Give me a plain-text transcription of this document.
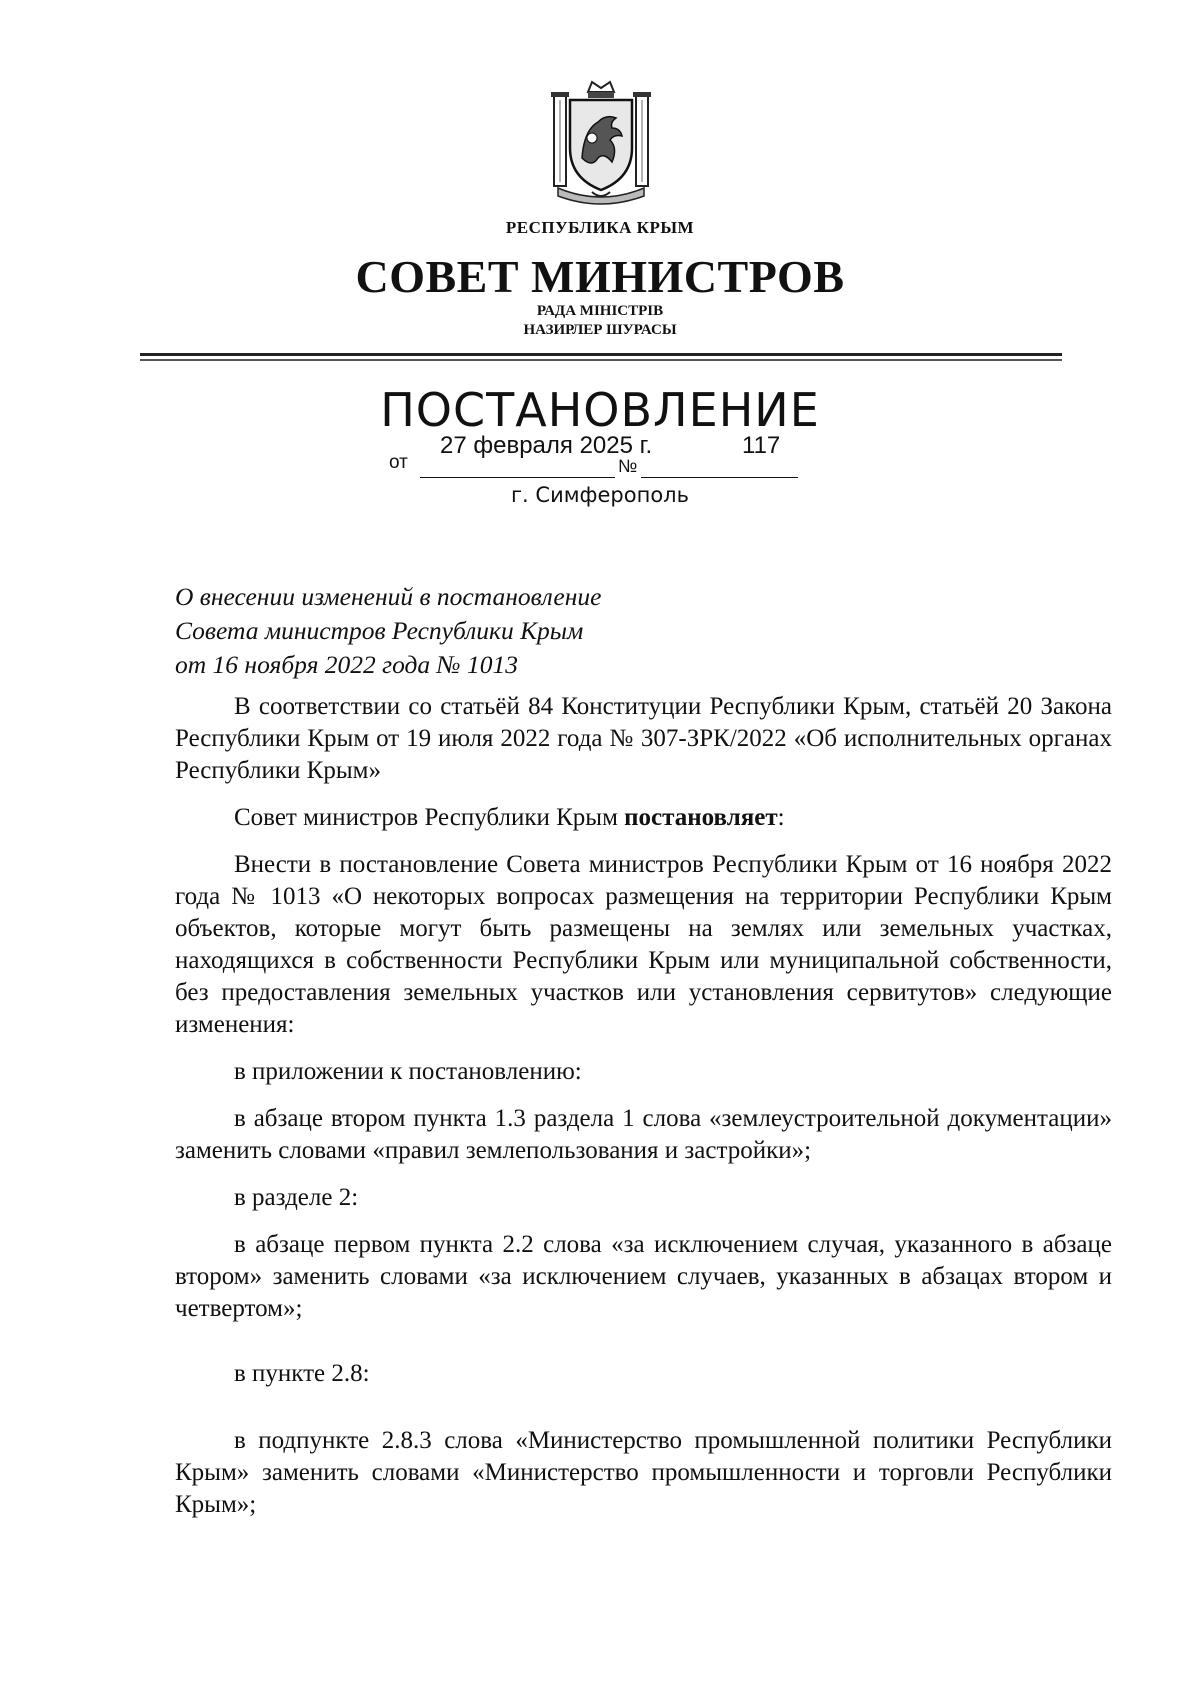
РЕСПУБЛИКА КРЫМ
СОВЕТ МИНИСТРОВ
РАДА МІНІСТРІВ
НАЗИРЛЕР ШУРАСЫ
ПОСТАНОВЛЕНИЕ
от
27 февраля 2025 г.
№
117
г. Симферополь
О внесении изменений в постановление
Совета министров Республики Крым
от 16 ноября 2022 года № 1013

В соответствии со статьёй 84 Конституции Республики Крым, статьёй 20 Закона Республики Крым от 19 июля 2022 года № 307-ЗРК/2022 «Об исполнительных органах Республики Крым»

Совет министров Республики Крым постановляет:

Внести в постановление Совета министров Республики Крым от 16 ноября 2022 года № 1013 «О некоторых вопросах размещения на территории Республики Крым объектов, которые могут быть размещены на землях или земельных участках, находящихся в собственности Республики Крым или муниципальной собственности, без предоставления земельных участков или установления сервитутов» следующие изменения:

в приложении к постановлению:

в абзаце втором пункта 1.3 раздела 1 слова «землеустроительной документации» заменить словами «правил землепользования и застройки»;

в разделе 2:

в абзаце первом пункта 2.2 слова «за исключением случая, указанного в абзаце втором» заменить словами «за исключением случаев, указанных в абзацах втором и четвертом»;

в пункте 2.8:

в подпункте 2.8.3 слова «Министерство промышленной политики Республики Крым» заменить словами «Министерство промышленности и торговли Республики Крым»;
